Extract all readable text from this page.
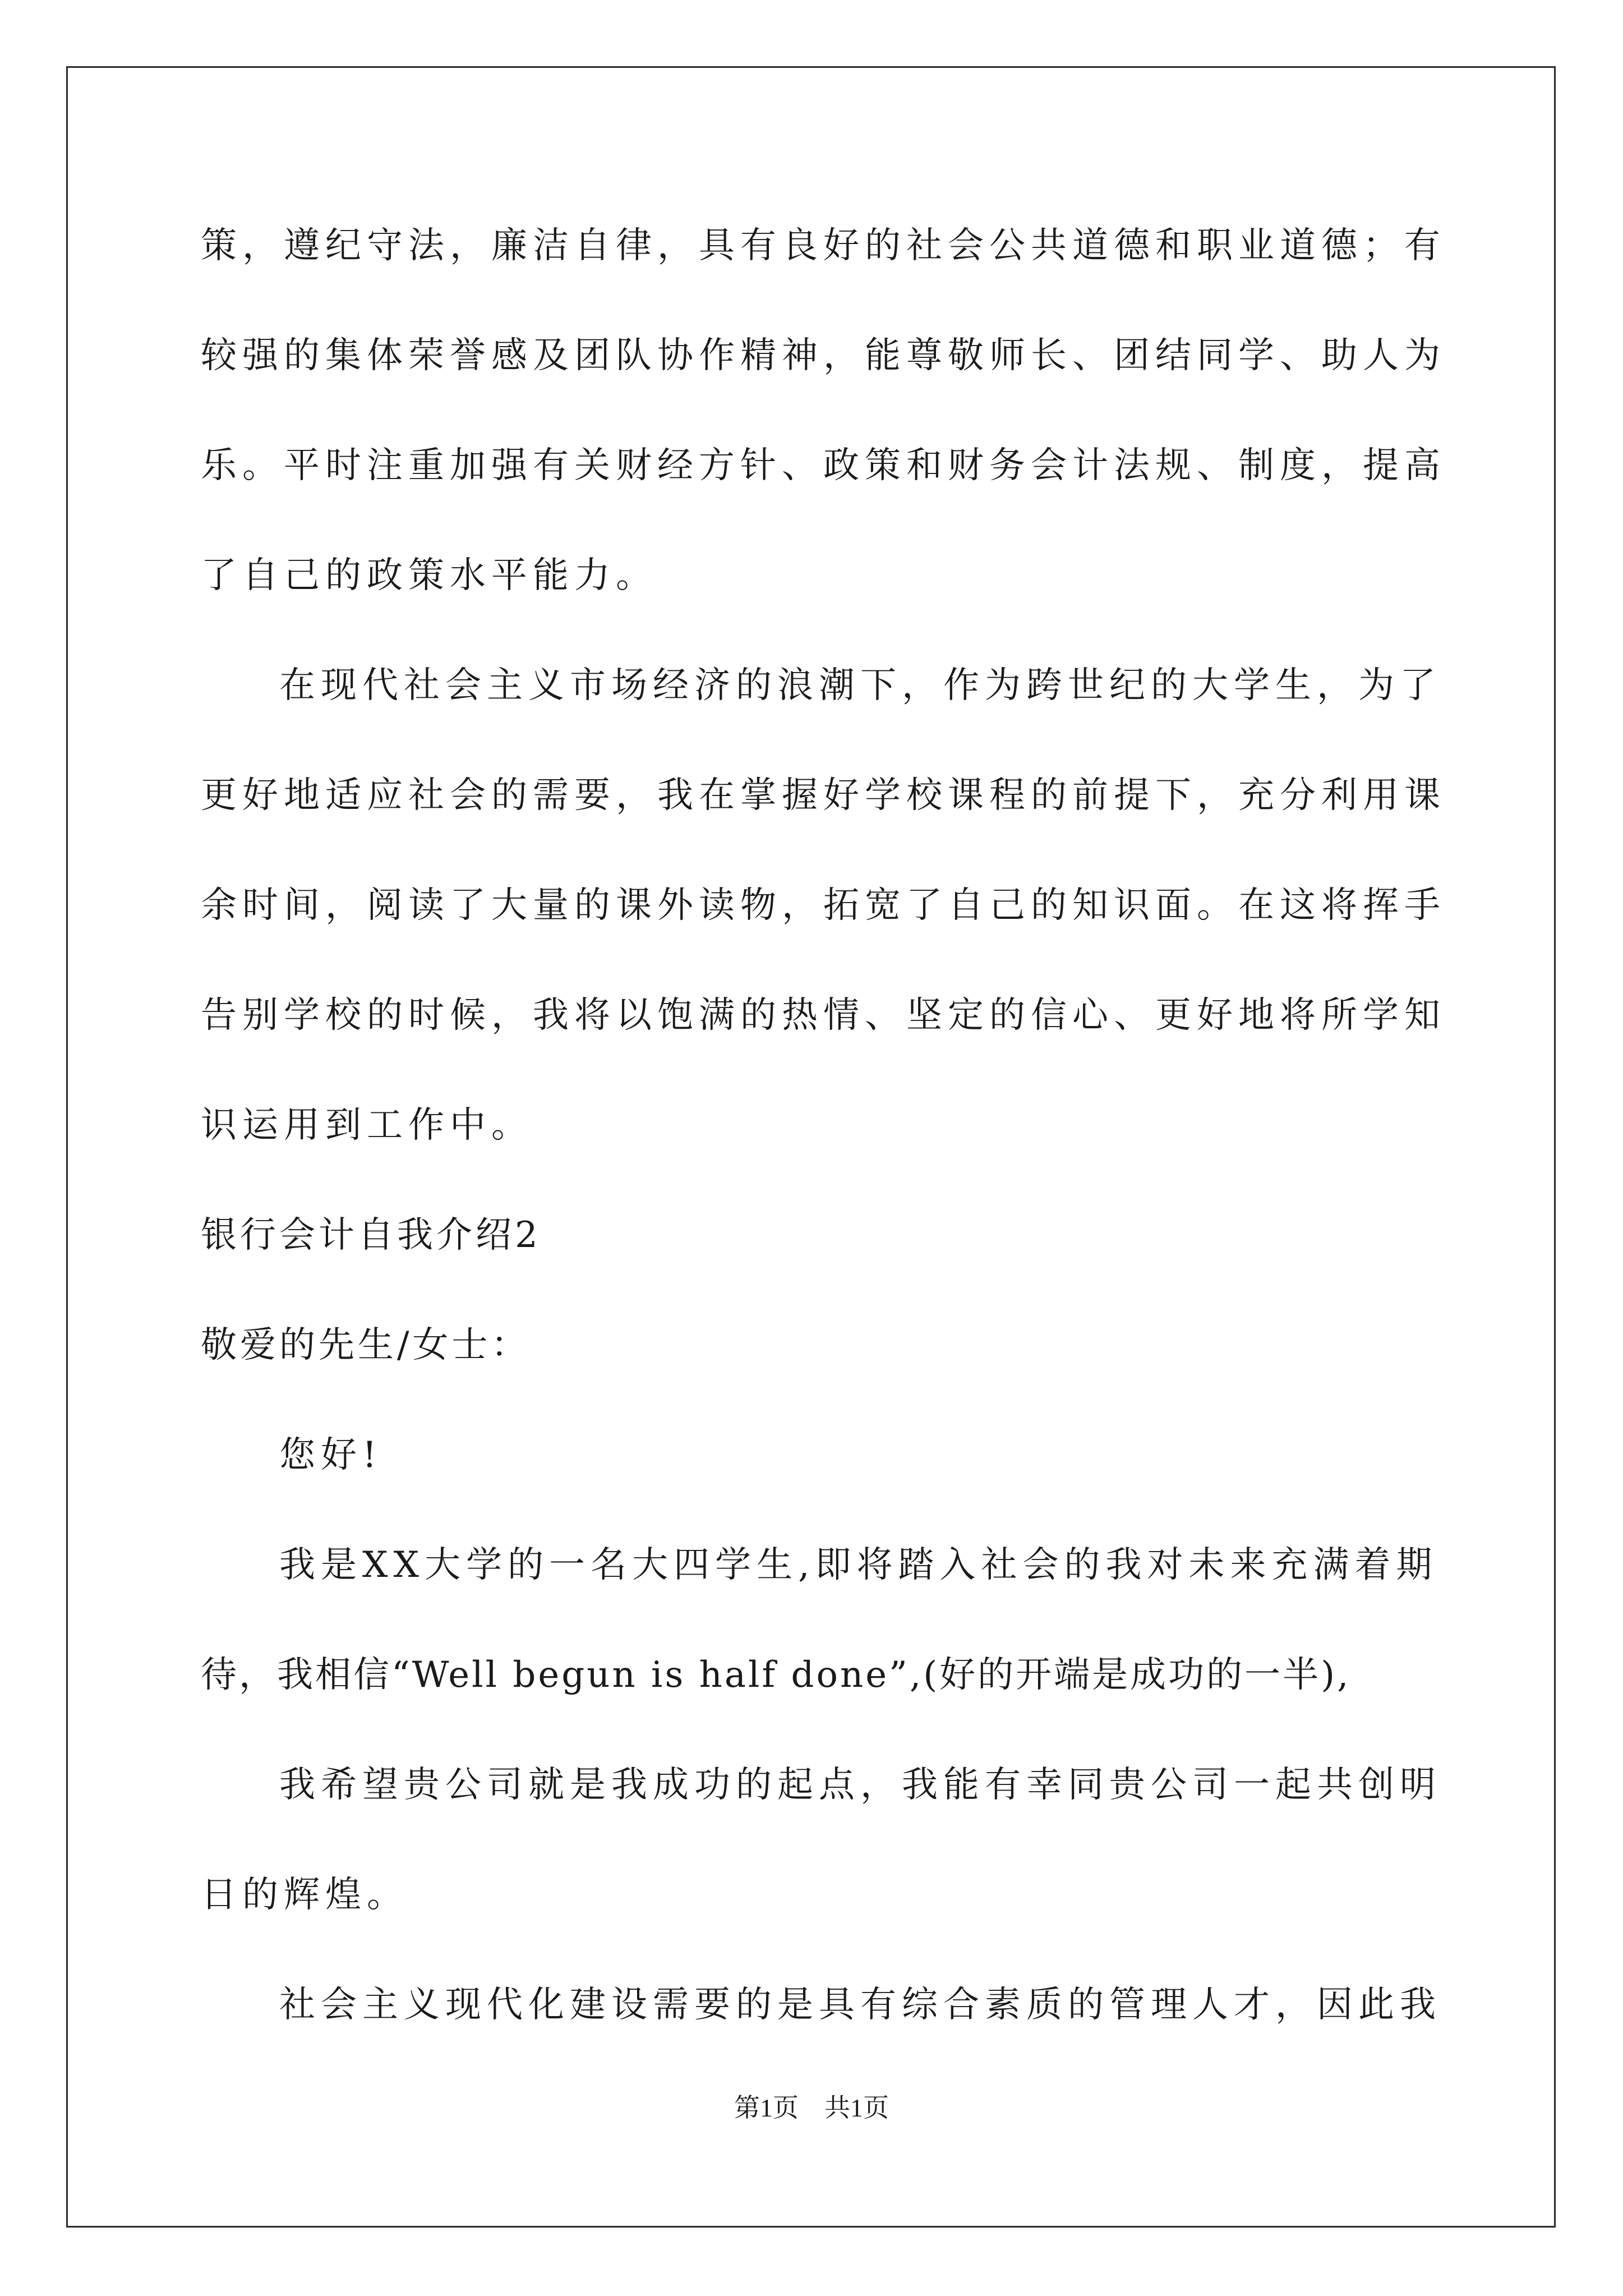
策，遵纪守法，廉洁自律，具有良好的社会公共道德和职业道德；有
较强的集体荣誉感及团队协作精神，能尊敬师长、团结同学、助人为
乐。平时注重加强有关财经方针、政策和财务会计法规、制度，提高
了自己的政策水平能力。
在现代社会主义市场经济的浪潮下，作为跨世纪的大学生，为了
更好地适应社会的需要，我在掌握好学校课程的前提下，充分利用课
余时间，阅读了大量的课外读物，拓宽了自己的知识面。在这将挥手
告别学校的时候，我将以饱满的热情、坚定的信心、更好地将所学知
识运用到工作中。
银行会计自我介绍2
敬爱的先生/女士：
您好!
我是XX大学的一名大四学生,即将踏入社会的我对未来充满着期
待，我相信“Well begun is half done”,(好的开端是成功的一半),
我希望贵公司就是我成功的起点，我能有幸同贵公司一起共创明
日的辉煌。
社会主义现代化建设需要的是具有综合素质的管理人才，因此我
第1页 共1页
